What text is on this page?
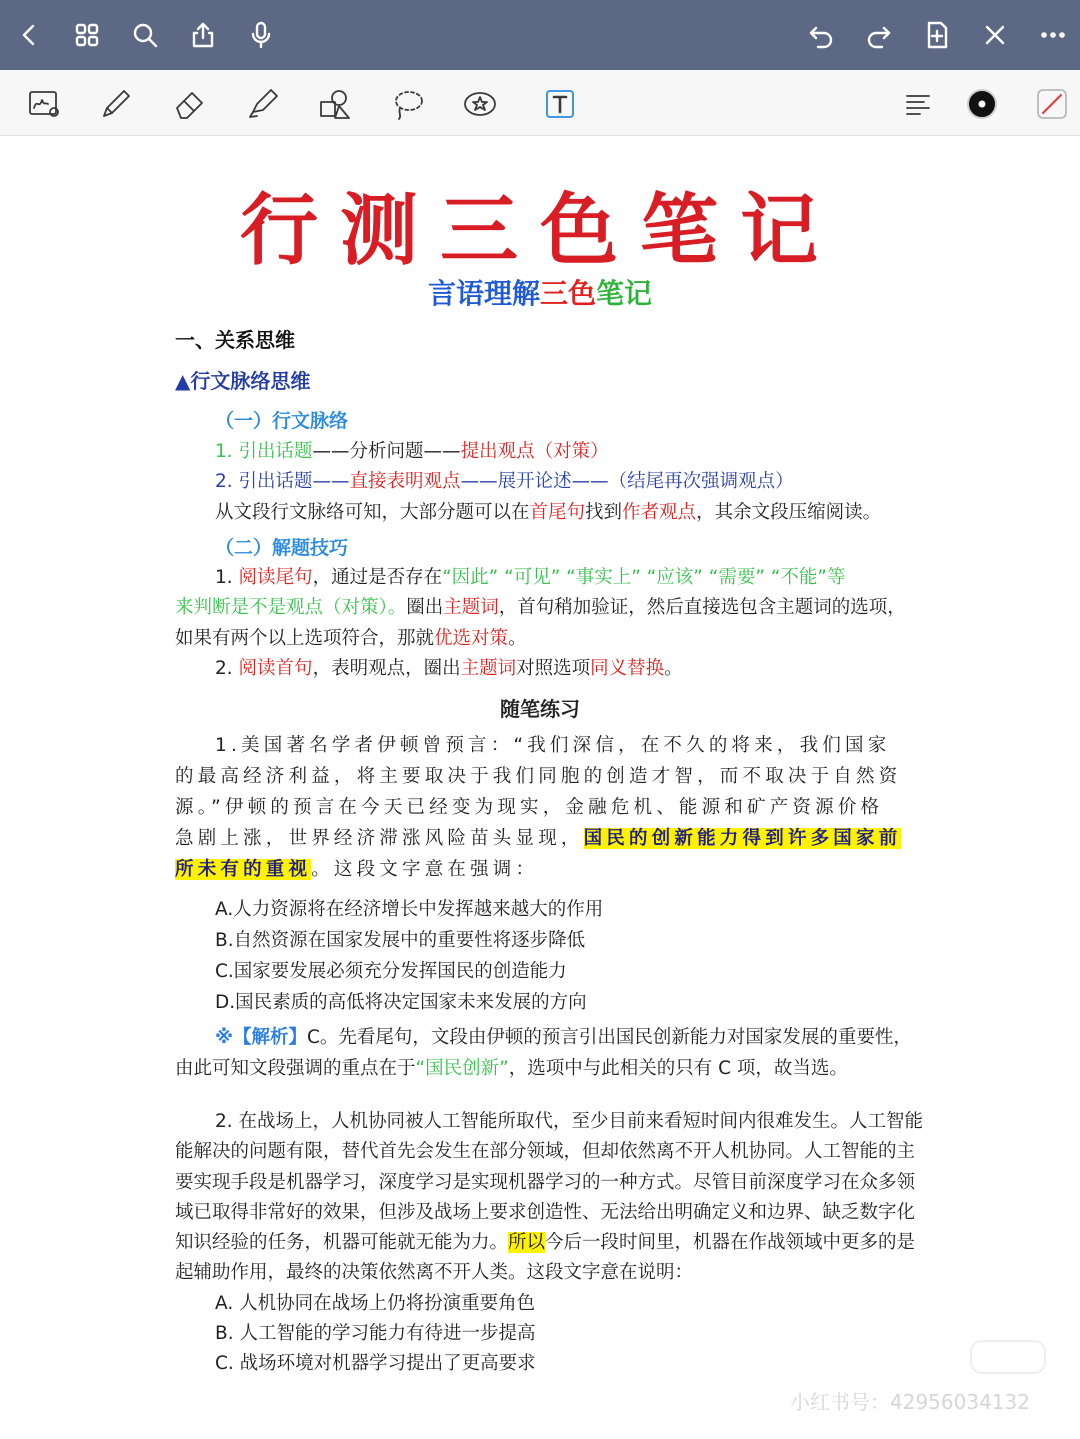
行测三色笔记
言语理解三色笔记
一、关系思维
▲行文脉络思维
（一）行文脉络
1. 引出话题——分析问题——提出观点（对策）
2. 引出话题——直接表明观点——展开论述——（结尾再次强调观点）
从文段行文脉络可知，大部分题可以在首尾句找到作者观点，其余文段压缩阅读。
（二）解题技巧
1. 阅读尾句，通过是否存在“因此” “可见” “事实上” “应该” “需要” “不能”等
来判断是不是观点（对策）。圈出主题词，首句稍加验证，然后直接选包含主题词的选项，
如果有两个以上选项符合，那就优选对策。
2. 阅读首句，表明观点，圈出主题词对照选项同义替换。
随笔练习
1.美国著名学者伊顿曾预言：“我们深信，在不久的将来，我们国家
的最高经济利益，将主要取决于我们同胞的创造才智，而不取决于自然资
源。”伊顿的预言在今天已经变为现实，金融危机、能源和矿产资源价格
急剧上涨，世界经济滞涨风险苗头显现，国民的创新能力得到许多国家前
所未有的重视。这段文字意在强调：
A.人力资源将在经济增长中发挥越来越大的作用
B.自然资源在国家发展中的重要性将逐步降低
C.国家要发展必须充分发挥国民的创造能力
D.国民素质的高低将决定国家未来发展的方向
※【解析】C。先看尾句，文段由伊顿的预言引出国民创新能力对国家发展的重要性，
由此可知文段强调的重点在于“国民创新”，选项中与此相关的只有 C 项，故当选。
2. 在战场上，人机协同被人工智能所取代，至少目前来看短时间内很难发生。人工智能
能解决的问题有限，替代首先会发生在部分领域，但却依然离不开人机协同。人工智能的主
要实现手段是机器学习，深度学习是实现机器学习的一种方式。尽管目前深度学习在众多领
域已取得非常好的效果，但涉及战场上要求创造性、无法给出明确定义和边界、缺乏数字化
知识经验的任务，机器可能就无能为力。所以今后一段时间里，机器在作战领域中更多的是
起辅助作用，最终的决策依然离不开人类。这段文字意在说明：
A. 人机协同在战场上仍将扮演重要角色
B. 人工智能的学习能力有待进一步提高
C. 战场环境对机器学习提出了更高要求
小红书号：42956034132
